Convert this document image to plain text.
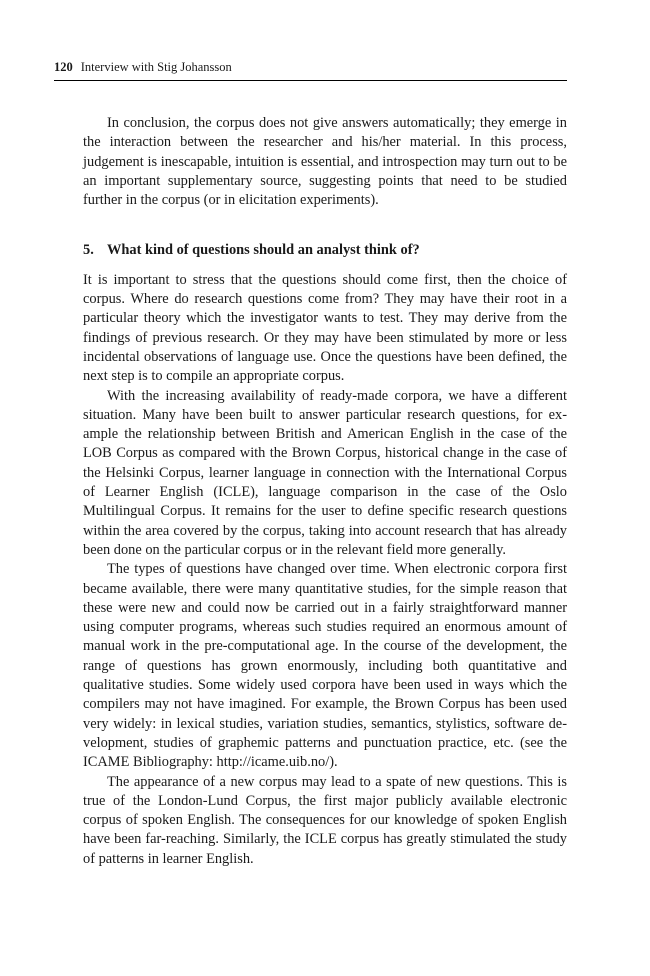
120 Interview with Stig Johansson

In conclusion, the corpus does not give answers automatically; they emerge in the interaction between the researcher and his/her material. In this process, judgement is inescapable, intuition is essential, and introspection may turn out to be an important supplementary source, suggesting points that need to be studied further in the corpus (or in elicitation experiments).

5. What kind of questions should an analyst think of?

It is important to stress that the questions should come first, then the choice of corpus. Where do research questions come from? They may have their root in a particular theory which the investigator wants to test. They may derive from the findings of previous research. Or they may have been stimulated by more or less incidental observations of language use. Once the questions have been defined, the next step is to compile an appropriate corpus.

With the increasing availability of ready-made corpora, we have a different situation. Many have been built to answer particular research questions, for example the relationship between British and American English in the case of the LOB Corpus as compared with the Brown Corpus, historical change in the case of the Helsinki Corpus, learner language in connection with the International Corpus of Learner English (ICLE), language comparison in the case of the Oslo Multilingual Corpus. It remains for the user to define specific research questions within the area covered by the corpus, taking into account research that has already been done on the particular corpus or in the relevant field more generally.

The types of questions have changed over time. When electronic corpora first became available, there were many quantitative studies, for the simple reason that these were new and could now be carried out in a fairly straightforward manner using computer programs, whereas such studies required an enormous amount of manual work in the pre-computational age. In the course of the development, the range of questions has grown enormously, including both quantitative and qualitative studies. Some widely used corpora have been used in ways which the compilers may not have imagined. For example, the Brown Corpus has been used very widely: in lexical studies, variation studies, semantics, stylistics, software development, studies of graphemic patterns and punctuation practice, etc. (see the ICAME Bibliography: http://icame.uib.no/).

The appearance of a new corpus may lead to a spate of new questions. This is true of the London-Lund Corpus, the first major publicly available electronic corpus of spoken English. The consequences for our knowledge of spoken English have been far-reaching. Similarly, the ICLE corpus has greatly stimulated the study of patterns in learner English.
